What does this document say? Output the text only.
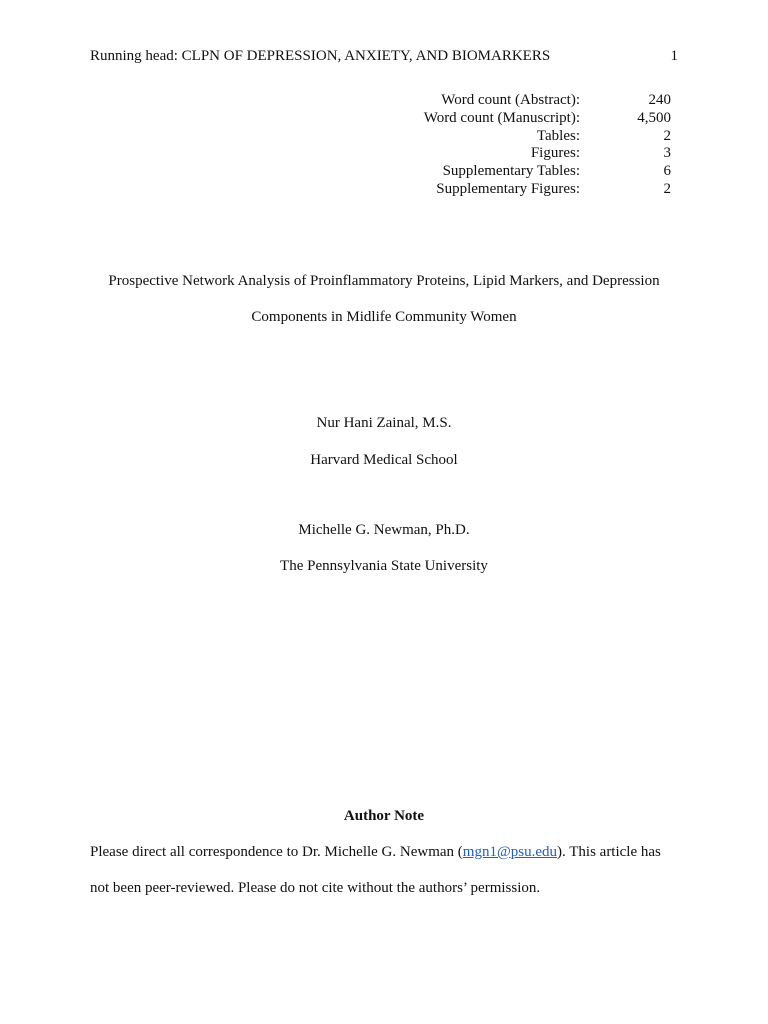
Running head: CLPN OF DEPRESSION, ANXIETY, AND BIOMARKERS	1
Word count (Abstract):	240
Word count (Manuscript):	4,500
Tables:	2
Figures:	3
Supplementary Tables:	6
Supplementary Figures:	2
Prospective Network Analysis of Proinflammatory Proteins, Lipid Markers, and Depression
Components in Midlife Community Women
Nur Hani Zainal, M.S.
Harvard Medical School
Michelle G. Newman, Ph.D.
The Pennsylvania State University
Author Note
Please direct all correspondence to Dr. Michelle G. Newman (mgn1@psu.edu). This article has
not been peer-reviewed. Please do not cite without the authors’ permission.
